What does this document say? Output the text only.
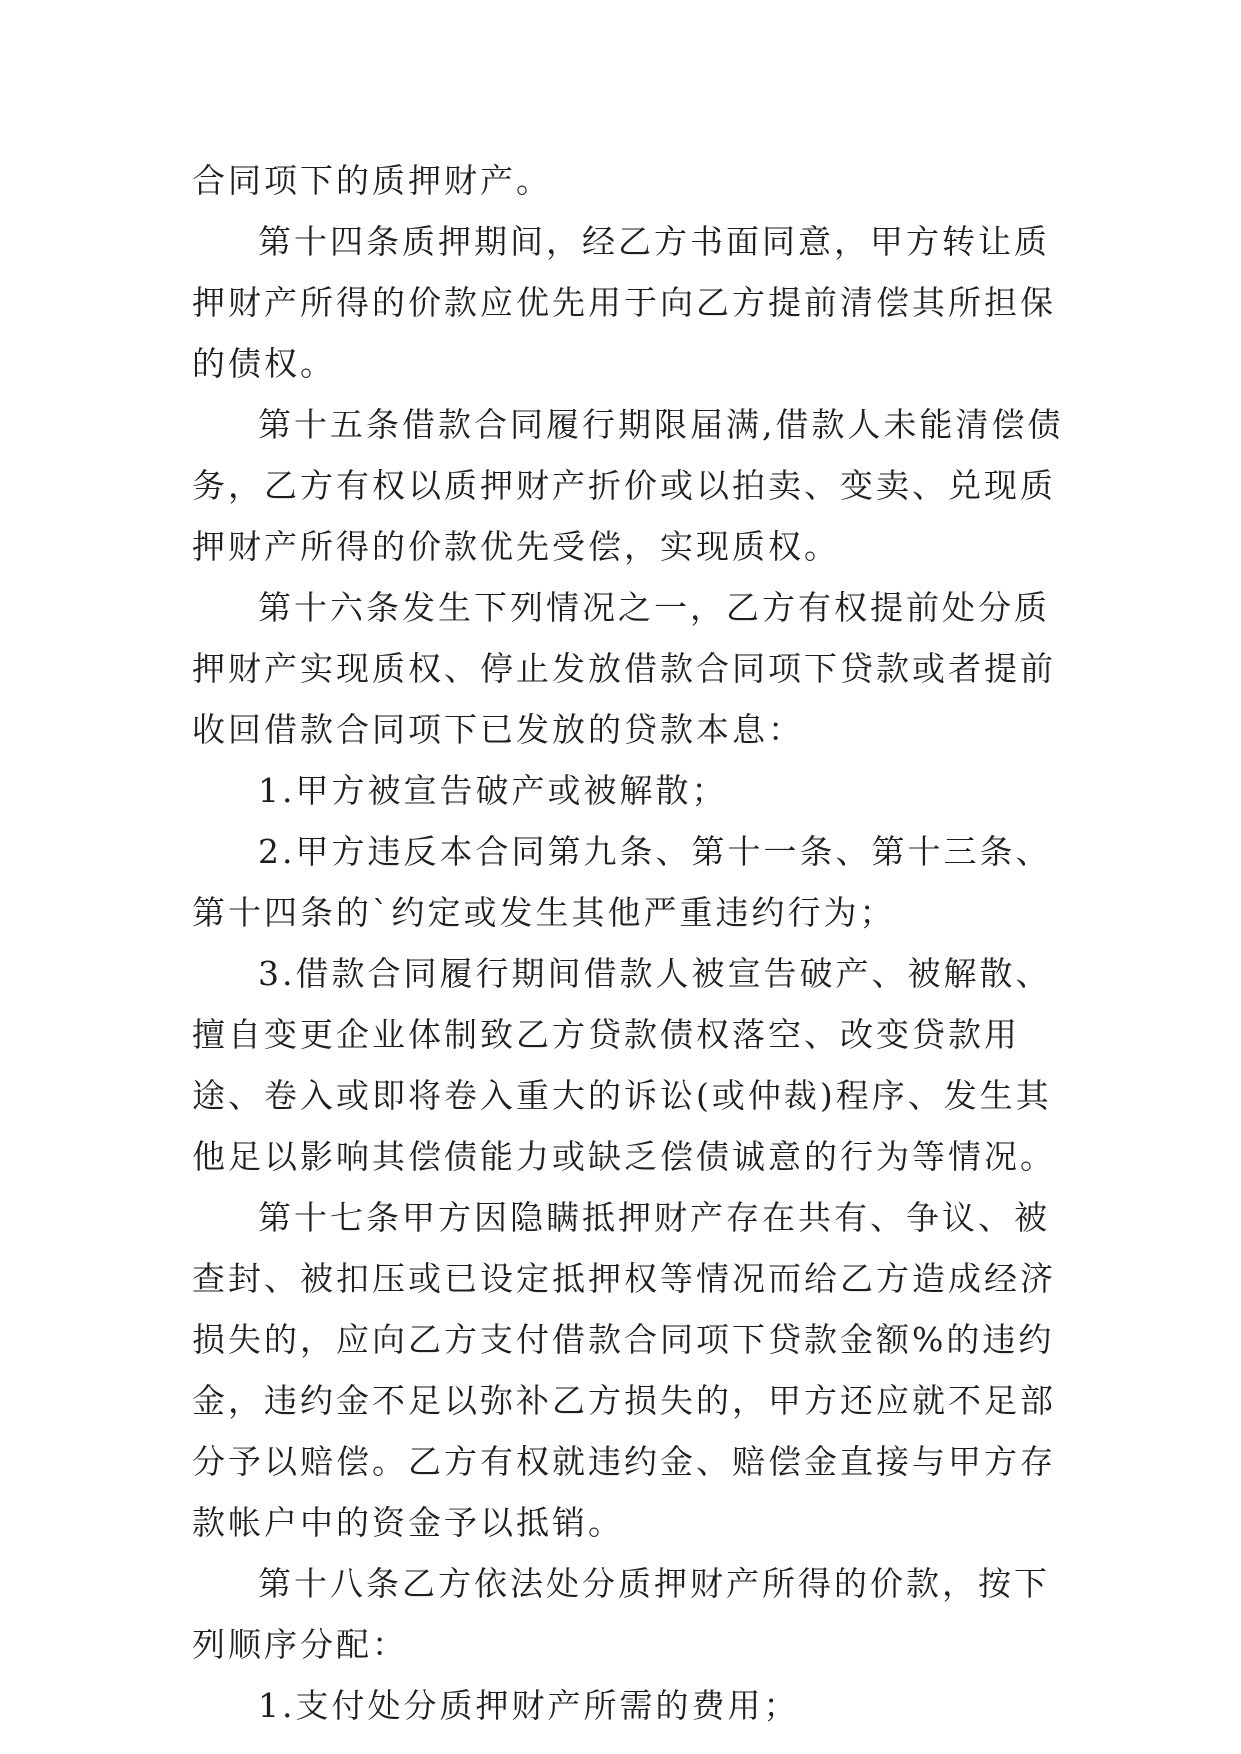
合同项下的质押财产。

第十四条质押期间，经乙方书面同意，甲方转让质押财产所得的价款应优先用于向乙方提前清偿其所担保的债权。

第十五条借款合同履行期限届满,借款人未能清偿债务，乙方有权以质押财产折价或以拍卖、变卖、兑现质押财产所得的价款优先受偿，实现质权。

第十六条发生下列情况之一，乙方有权提前处分质押财产实现质权、停止发放借款合同项下贷款或者提前收回借款合同项下已发放的贷款本息：

1.甲方被宣告破产或被解散；

2.甲方违反本合同第九条、第十一条、第十三条、第十四条的`约定或发生其他严重违约行为；

3.借款合同履行期间借款人被宣告破产、被解散、擅自变更企业体制致乙方贷款债权落空、改变贷款用途、卷入或即将卷入重大的诉讼(或仲裁)程序、发生其他足以影响其偿债能力或缺乏偿债诚意的行为等情况。

第十七条甲方因隐瞒抵押财产存在共有、争议、被查封、被扣压或已设定抵押权等情况而给乙方造成经济损失的，应向乙方支付借款合同项下贷款金额%的违约金，违约金不足以弥补乙方损失的，甲方还应就不足部分予以赔偿。乙方有权就违约金、赔偿金直接与甲方存款帐户中的资金予以抵销。

第十八条乙方依法处分质押财产所得的价款，按下列顺序分配：

1.支付处分质押财产所需的费用；
